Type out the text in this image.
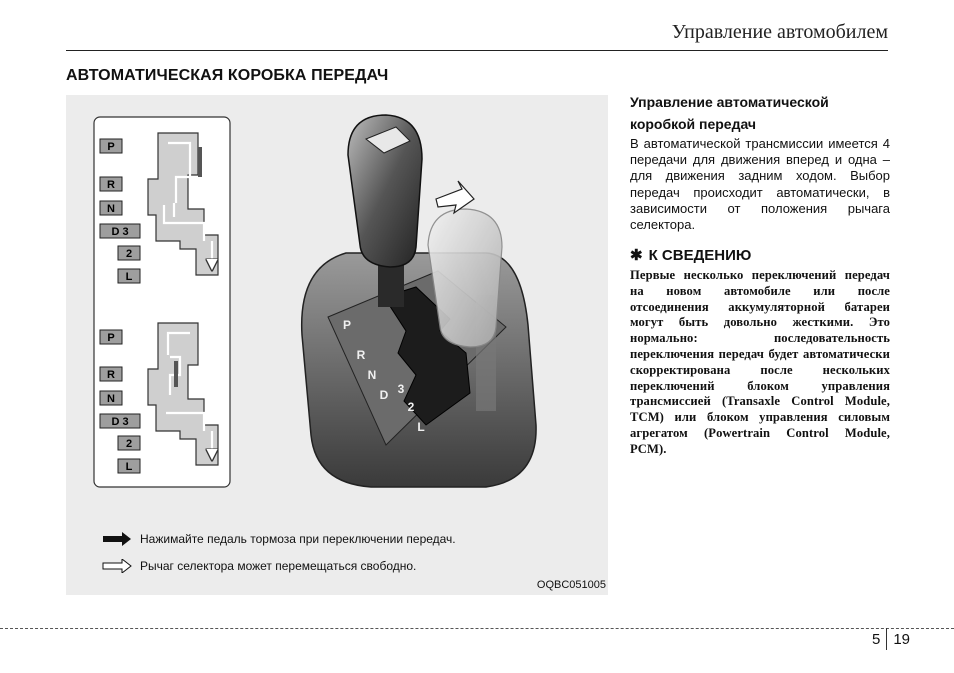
Управление автомобилем
АВТОМАТИЧЕСКАЯ КОРОБКА ПЕРЕДАЧ
P
R
N
D 3
2
L
P
R
N
D 3
2
L
P
R
N
D 3
2
L
Нажимайте педаль тормоза при переключении передач.
Рычаг селектора может перемещаться свободно.
OQBC051005
Управление автоматической коробкой передач
В автоматической трансмиссии имеется 4 передачи для движения вперед и одна – для движения задним ходом. Выбор передач происходит автоматически, в зависимости от положения рычага селектора.
✱ К СВЕДЕНИЮ
Первые несколько переключений передач на новом автомобиле или после отсоединения аккумуляторной батареи могут быть довольно жесткими. Это нормально: последовательность переключения передач будет автоматически скорректирована после нескольких переключений блоком управления трансмиссией (Transaxle Control Module, TCM) или блоком управления силовым агрегатом (Powertrain Control Module, PCM).
5 19
